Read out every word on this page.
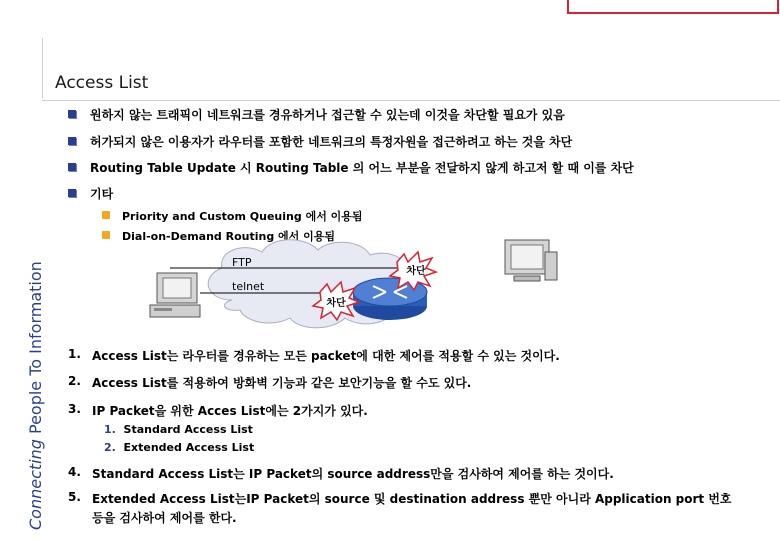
Connecting People To Information
Access List
원하지 않는 트래픽이 네트워크를 경유하거나 접근할 수 있는데 이것을 차단할 필요가 있음
허가되지 않은 이용자가 라우터를 포함한 네트워크의 특정자원을 접근하려고 하는 것을 차단
Routing Table Update 시 Routing Table 의 어느 부분을 전달하지 않게 하고저 할 때 이를 차단
기타
Priority and Custom Queuing 에서 이용됨
Dial-on-Demand Routing 에서 이용됨
차단
차단
FTP
telnet
1. Access List는 라우터를 경유하는 모든 packet에 대한 제어를 적용할 수 있는 것이다.
2. Access List를 적용하여 방화벽 기능과 같은 보안기능을 할 수도 있다.
3. IP Packet을 위한 Acces List에는 2가지가 있다.
1. Standard Access List
2. Extended Access List
4. Standard Access List는 IP Packet의 source address만을 검사하여 제어를 하는 것이다.
5. Extended Access List는IP Packet의 source 및 destination address 뿐만 아니라 Application port 번호등을 검사하여 제어를 한다.
